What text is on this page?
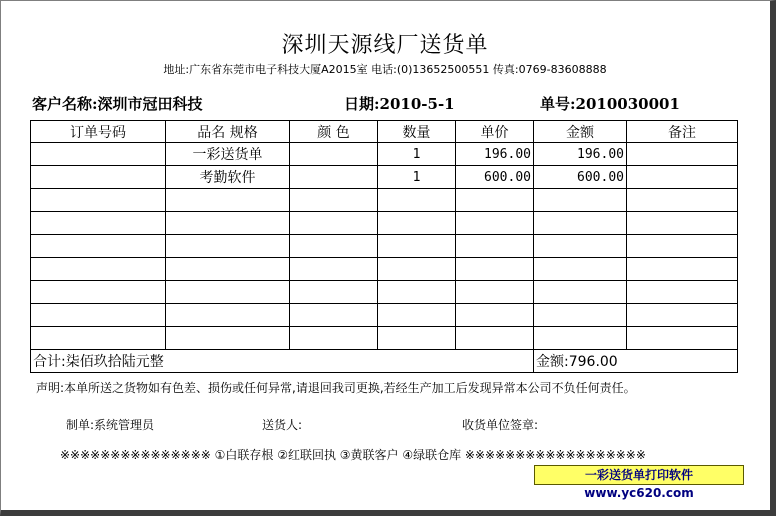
深圳天源线厂送货单
地址:广东省东莞市电子科技大厦A2015室 电话:(0)13652500551 传真:0769-83608888
客户名称:深圳市冠田科技	日期:2010-5-1	单号:2010030001
订单号码	品名 规格	颜 色	数量	单价	金额	备注
	一彩送货单		1	196.00	196.00	
	考勤软件		1	600.00	600.00	

合计:柒佰玖拾陆元整					金额:796.00	
声明:本单所送之货物如有色差、损伤或任何异常,请退回我司更换,若经生产加工后发现异常本公司不负任何责任。
制单:系统管理员	送货人:	收货单位签章:
※※※※※※※※※※※※※※※ ①白联存根 ②红联回执 ③黄联客户 ④绿联仓库 ※※※※※※※※※※※※※※※※※※
一彩送货单打印软件 www.yc620.com
